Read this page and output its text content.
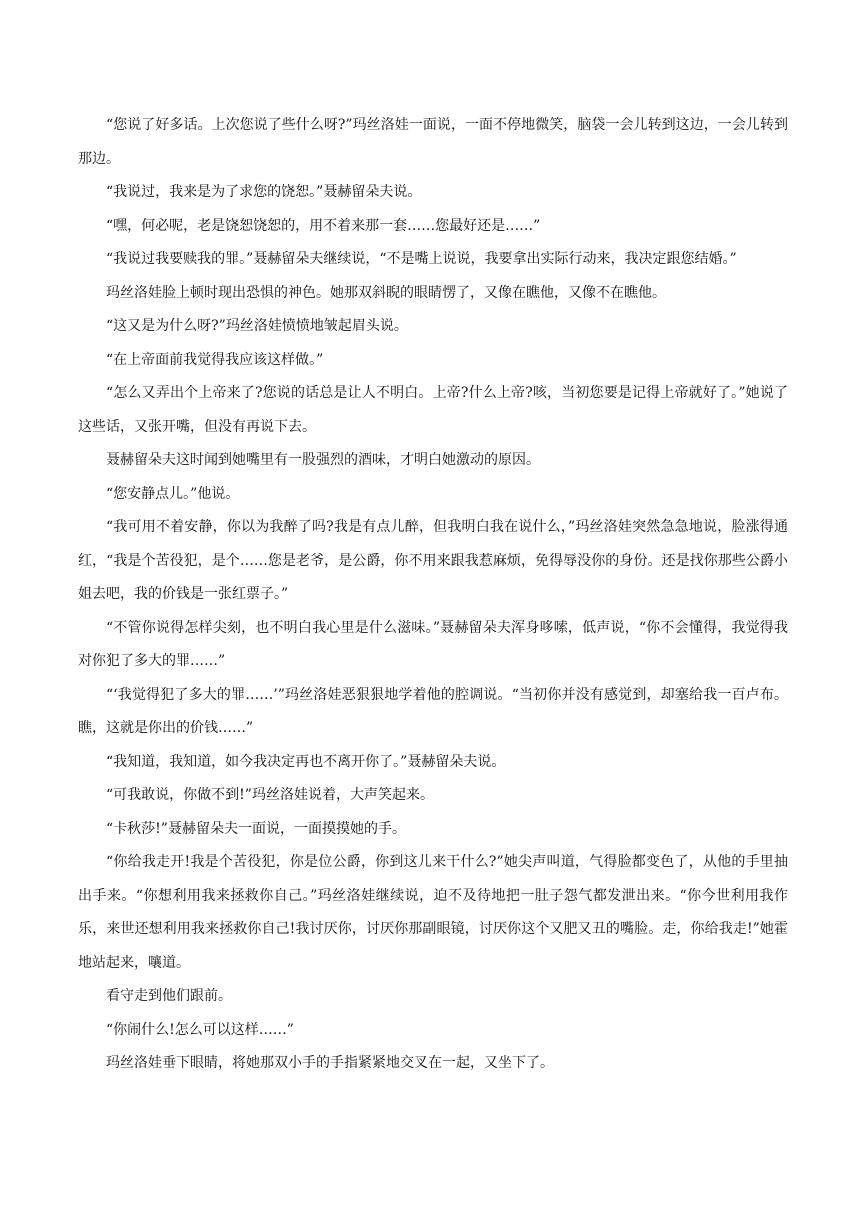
“您说了好多话。上次您说了些什么呀?”玛丝洛娃一面说，一面不停地微笑，脑袋一会儿转到这边，一会儿转到那边。

“我说过，我来是为了求您的饶恕。”聂赫留朵夫说。

“嘿，何必呢，老是饶恕饶恕的，用不着来那一套……您最好还是……”

“我说过我要赎我的罪。”聂赫留朵夫继续说，“不是嘴上说说，我要拿出实际行动来，我决定跟您结婚。”

玛丝洛娃脸上顿时现出恐惧的神色。她那双斜睨的眼睛愣了，又像在瞧他，又像不在瞧他。

“这又是为什么呀?”玛丝洛娃愤愤地皱起眉头说。

“在上帝面前我觉得我应该这样做。”

“怎么又弄出个上帝来了?您说的话总是让人不明白。上帝?什么上帝?咳，当初您要是记得上帝就好了。”她说了这些话，又张开嘴，但没有再说下去。

聂赫留朵夫这时闻到她嘴里有一股强烈的酒味，才明白她激动的原因。

“您安静点儿。”他说。

“我可用不着安静，你以为我醉了吗?我是有点儿醉，但我明白我在说什么，”玛丝洛娃突然急急地说，脸涨得通红，“我是个苦役犯，是个……您是老爷，是公爵，你不用来跟我惹麻烦，免得辱没你的身份。还是找你那些公爵小姐去吧，我的价钱是一张红票子。”

“不管你说得怎样尖刻，也不明白我心里是什么滋味。”聂赫留朵夫浑身哆嗦，低声说，“你不会懂得，我觉得我对你犯了多大的罪……”

“‘我觉得犯了多大的罪……’”玛丝洛娃恶狠狠地学着他的腔调说。“当初你并没有感觉到，却塞给我一百卢布。瞧，这就是你出的价钱……”

“我知道，我知道，如今我决定再也不离开你了。”聂赫留朵夫说。

“可我敢说，你做不到!”玛丝洛娃说着，大声笑起来。

“卡秋莎!”聂赫留朵夫一面说，一面摸摸她的手。

“你给我走开!我是个苦役犯，你是位公爵，你到这儿来干什么?”她尖声叫道，气得脸都变色了，从他的手里抽出手来。“你想利用我来拯救你自己。”玛丝洛娃继续说，迫不及待地把一肚子怨气都发泄出来。“你今世利用我作乐，来世还想利用我来拯救你自己!我讨厌你，讨厌你那副眼镜，讨厌你这个又肥又丑的嘴脸。走，你给我走!”她霍地站起来，嚷道。

看守走到他们跟前。

“你闹什么!怎么可以这样……”

玛丝洛娃垂下眼睛，将她那双小手的手指紧紧地交叉在一起，又坐下了。
